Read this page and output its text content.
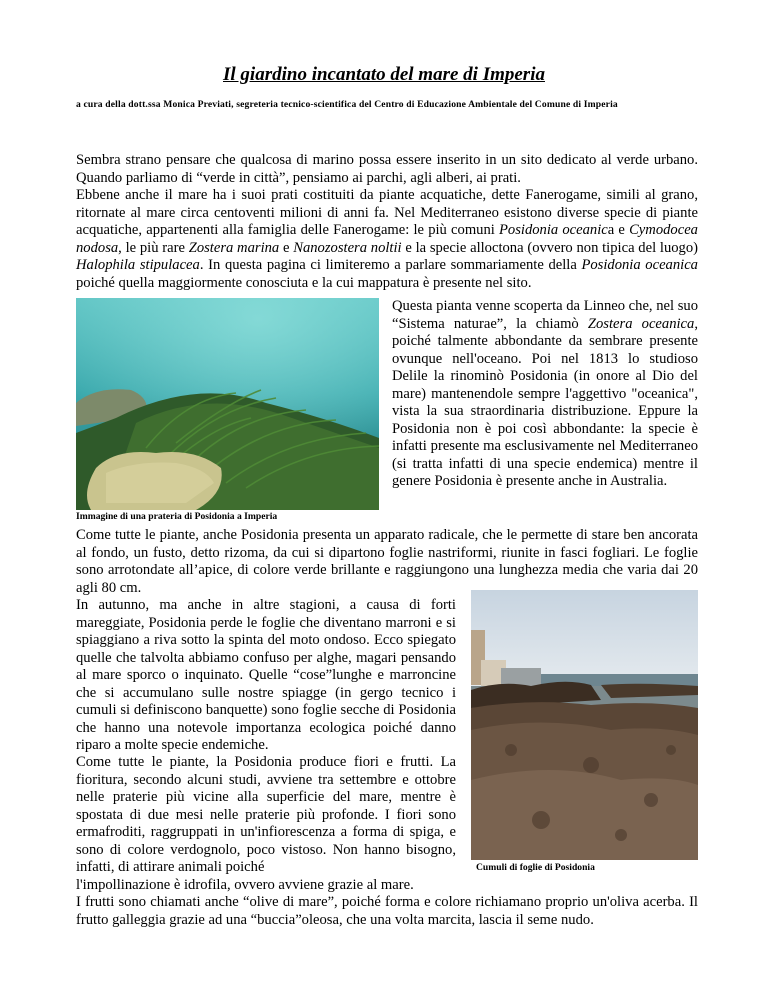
Il giardino incantato del mare di Imperia
a cura della dott.ssa Monica Previati, segreteria tecnico-scientifica del Centro di Educazione Ambientale del Comune di Imperia

Sembra strano pensare che qualcosa di marino possa essere inserito in un sito dedicato al verde urbano. Quando parliamo di “verde in città”, pensiamo ai parchi, agli alberi, ai prati.
Ebbene anche il mare ha i suoi prati costituiti da piante acquatiche, dette Fanerogame, simili al grano, ritornate al mare circa centoventi milioni di anni fa. Nel Mediterraneo esistono diverse specie di piante acquatiche, appartenenti alla famiglia delle Fanerogame: le più comuni Posidonia oceanica e Cymodocea nodosa, le più rare Zostera marina e Nanozostera noltii e la specie alloctona (ovvero non tipica del luogo) Halophila stipulacea. In questa pagina ci limiteremo a parlare sommariamente della Posidonia oceanica poiché quella maggiormente conosciuta e la cui mappatura è presente nel sito.

Questa pianta venne scoperta da Linneo che, nel suo “Sistema naturae”, la chiamò Zostera oceanica, poiché talmente abbondante da sembrare presente ovunque nell'oceano. Poi nel 1813 lo studioso Delile la rinominò Posidonia (in onore al Dio del mare) mantenendole sempre l'aggettivo "oceanica", vista la sua straordinaria distribuzione. Eppure la Posidonia non è poi così abbondante: la specie è infatti presente ma esclusivamente nel Mediterraneo (si tratta infatti di una specie endemica) mentre il genere Posidonia è presente anche in Australia.

Immagine di una prateria di Posidonia a Imperia

Come tutte le piante, anche Posidonia presenta un apparato radicale, che le permette di stare ben ancorata al fondo, un fusto, detto rizoma, da cui si dipartono foglie nastriformi, riunite in fasci fogliari. Le foglie sono arrotondate all’apice, di colore verde brillante e raggiungono una lunghezza media che varia dai 20 agli 80 cm.

In autunno, ma anche in altre stagioni, a causa di forti mareggiate, Posidonia perde le foglie che diventano marroni e si spiaggiano a riva sotto la spinta del moto ondoso. Ecco spiegato quelle che talvolta abbiamo confuso per alghe, magari pensando al mare sporco o inquinato. Quelle “cose”lunghe e marroncine che si accumulano sulle nostre spiagge (in gergo tecnico i cumuli si definiscono banquette) sono foglie secche di Posidonia che hanno una notevole importanza ecologica poiché danno riparo a molte specie endemiche.

Come tutte le piante, la Posidonia produce fiori e frutti. La fioritura, secondo alcuni studi, avviene tra settembre e ottobre nelle praterie più vicine alla superficie del mare, mentre è spostata di due mesi nelle praterie più profonde. I fiori sono ermafroditi, raggruppati in un'infiorescenza a forma di spiga, e sono di colore verdognolo, poco vistoso. Non hanno bisogno, infatti, di attirare animali poiché

l'impollinazione è idrofila, ovvero avviene grazie al mare.

Cumuli di foglie di Posidonia

I frutti sono chiamati anche “olive di mare”, poiché forma e colore richiamano proprio un'oliva acerba. Il frutto galleggia grazie ad una “buccia”oleosa, che una volta marcita, lascia il seme nudo.
